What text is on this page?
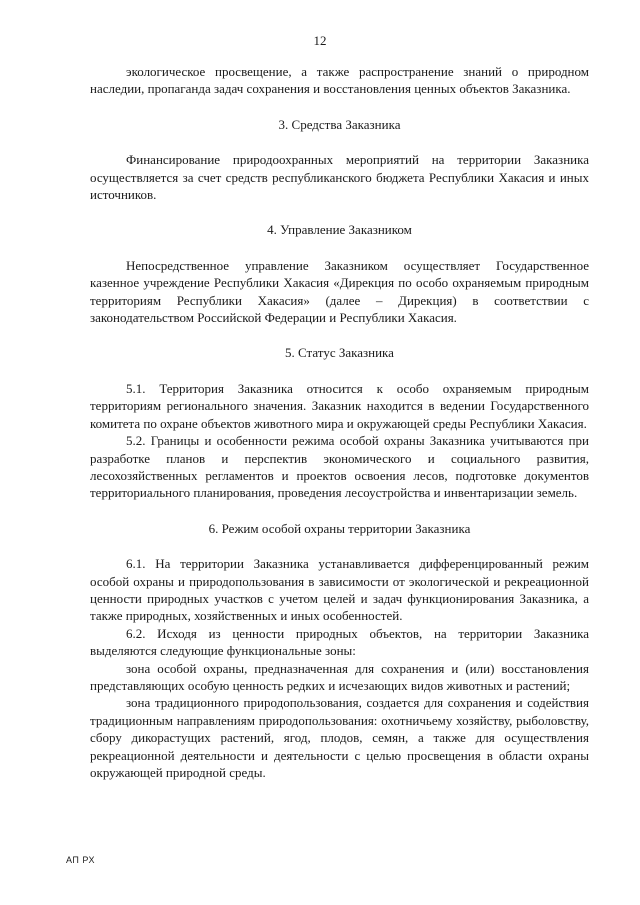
12

экологическое просвещение, а также распространение знаний о природном наследии, пропаганда задач сохранения и восстановления ценных объектов Заказника.

3. Средства Заказника

Финансирование природоохранных мероприятий на территории Заказника осуществляется за счет средств республиканского бюджета Республики Хакасия и иных источников.

4. Управление Заказником

Непосредственное управление Заказником осуществляет Государственное казенное учреждение Республики Хакасия «Дирекция по особо охраняемым природным территориям Республики Хакасия» (далее – Дирекция) в соответствии с законодательством Российской Федерации и Республики Хакасия.

5. Статус Заказника

5.1. Территория Заказника относится к особо охраняемым природным территориям регионального значения. Заказник находится в ведении Государственного комитета по охране объектов животного мира и окружающей среды Республики Хакасия.

5.2. Границы и особенности режима особой охраны Заказника учитываются при разработке планов и перспектив экономического и социального развития, лесохозяйственных регламентов и проектов освоения лесов, подготовке документов территориального планирования, проведения лесоустройства и инвентаризации земель.

6. Режим особой охраны территории Заказника

6.1. На территории Заказника устанавливается дифференцированный режим особой охраны и природопользования в зависимости от экологической и рекреационной ценности природных участков с учетом целей и задач функционирования Заказника, а также природных, хозяйственных и иных особенностей.

6.2. Исходя из ценности природных объектов, на территории Заказника выделяются следующие функциональные зоны:

зона особой охраны, предназначенная для сохранения и (или) восстановления представляющих особую ценность редких и исчезающих видов животных и растений;

зона традиционного природопользования, создается для сохранения и содействия традиционным направлениям природопользования: охотничьему хозяйству, рыболовству, сбору дикорастущих растений, ягод, плодов, семян, а также для осуществления рекреационной деятельности и деятельности с целью просвещения в области охраны окружающей природной среды.

АП РХ
